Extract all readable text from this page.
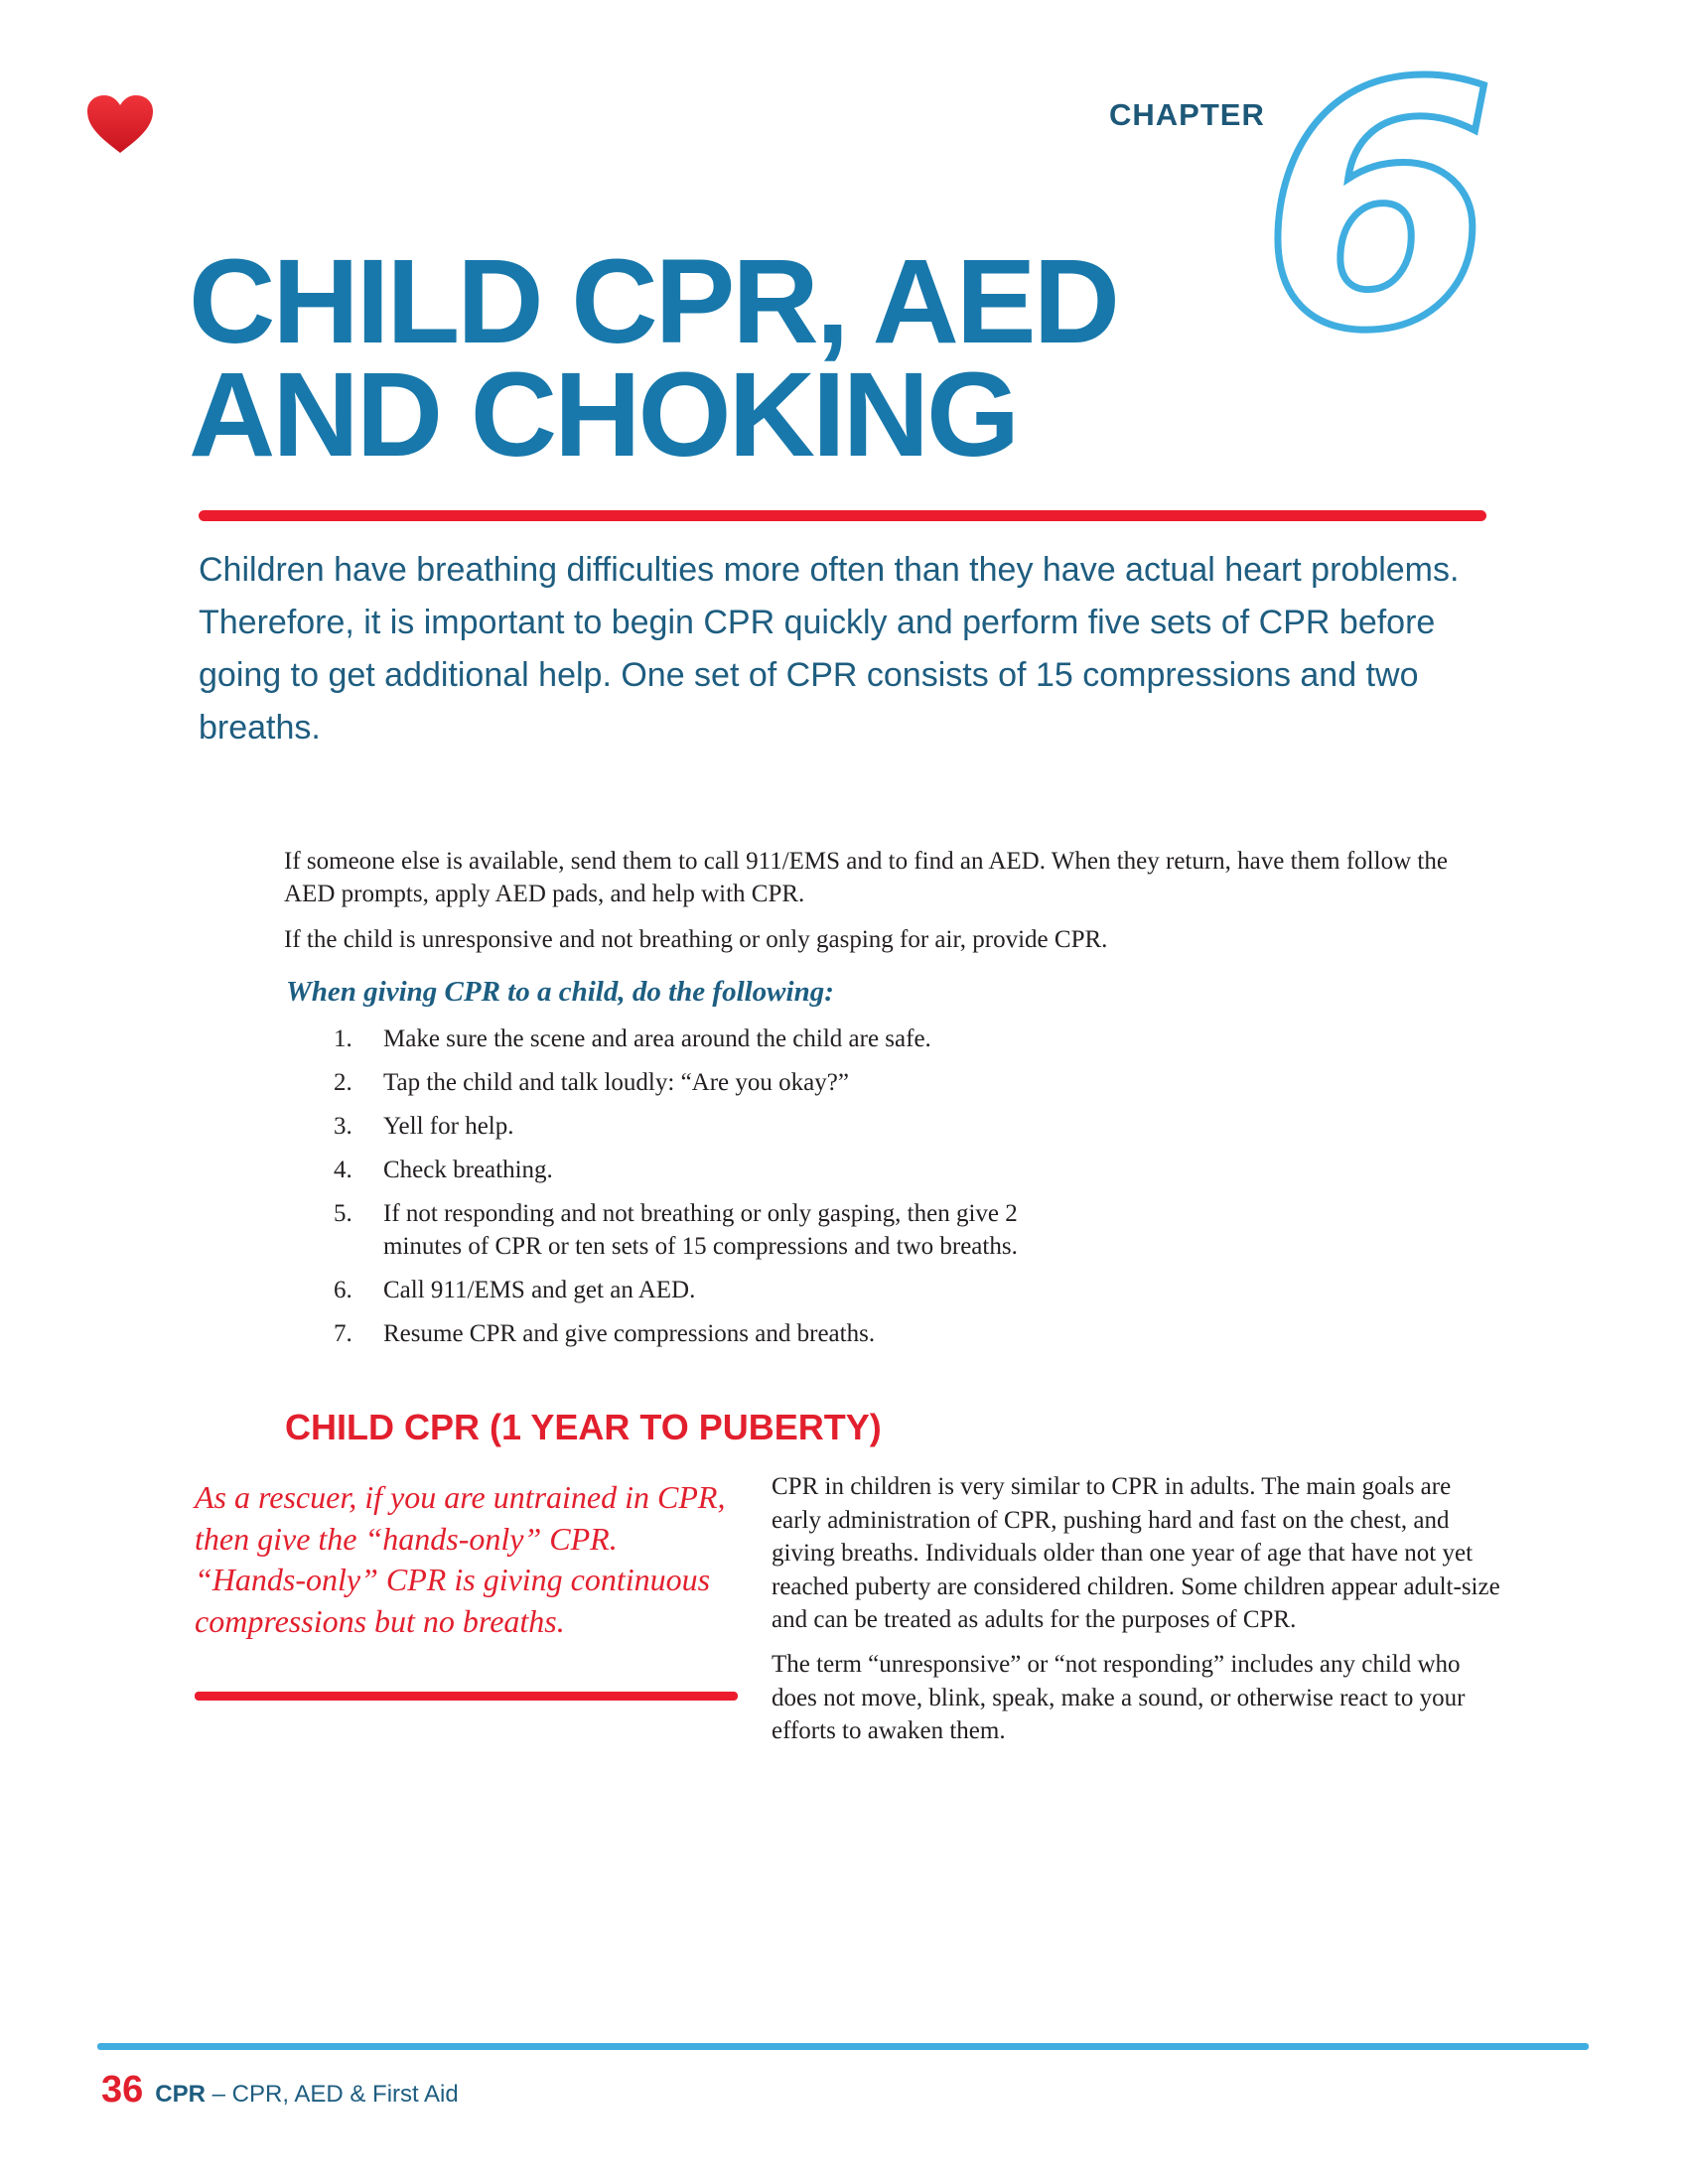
CHAPTER
6
CHILD CPR, AED
AND CHOKING
Children have breathing difficulties more often than they have actual heart problems. Therefore, it is important to begin CPR quickly and perform five sets of CPR before going to get additional help. One set of CPR consists of 15 compressions and two breaths.
If someone else is available, send them to call 911/EMS and to find an AED. When they return, have them follow the AED prompts, apply AED pads, and help with CPR.
If the child is unresponsive and not breathing or only gasping for air, provide CPR.
When giving CPR to a child, do the following:
1.	Make sure the scene and area around the child are safe.
2.	Tap the child and talk loudly: “Are you okay?”
3.	Yell for help.
4.	Check breathing.
5.	If not responding and not breathing or only gasping, then give 2 minutes of CPR or ten sets of 15 compressions and two breaths.
6.	Call 911/EMS and get an AED.
7.	Resume CPR and give compressions and breaths.
CHILD CPR (1 YEAR TO PUBERTY)
As a rescuer, if you are untrained in CPR, then give the “hands-only” CPR. “Hands-only” CPR is giving continuous compressions but no breaths.

CPR in children is very similar to CPR in adults. The main goals are early administration of CPR, pushing hard and fast on the chest, and giving breaths. Individuals older than one year of age that have not yet reached puberty are considered children. Some children appear adult-size and can be treated as adults for the purposes of CPR.

The term “unresponsive” or “not responding” includes any child who does not move, blink, speak, make a sound, or otherwise react to your efforts to awaken them.

36 CPR – CPR, AED & First Aid
